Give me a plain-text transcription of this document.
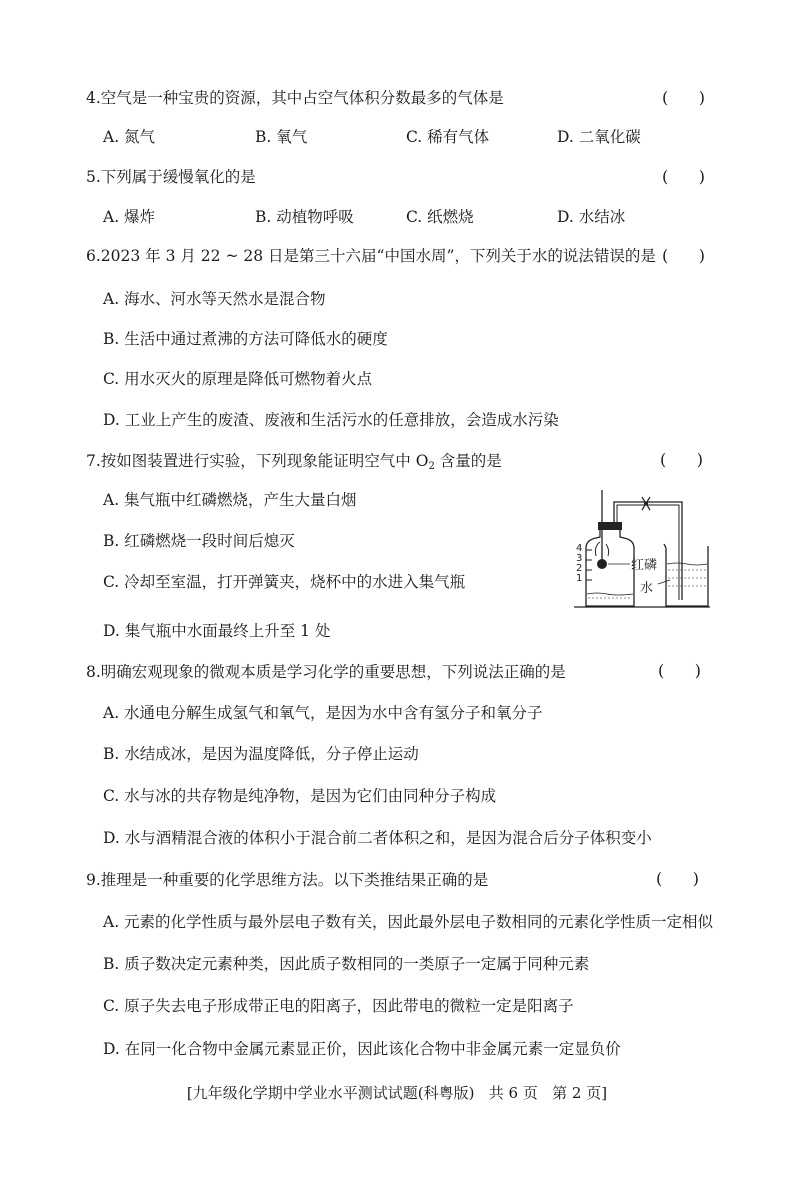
4.空气是一种宝贵的资源，其中占空气体积分数最多的气体是	(      )
A. 氮气	B. 氧气	C. 稀有气体	D. 二氧化碳
5.下列属于缓慢氧化的是	(      )
A. 爆炸	B. 动植物呼吸	C. 纸燃烧	D. 水结冰
6.2023 年 3 月 22 ~ 28 日是第三十六届“中国水周”，下列关于水的说法错误的是 (      )
A. 海水、河水等天然水是混合物
B. 生活中通过煮沸的方法可降低水的硬度
C. 用水灭火的原理是降低可燃物着火点
D. 工业上产生的废渣、废液和生活污水的任意排放，会造成水污染
7.按如图装置进行实验，下列现象能证明空气中 $O_2$ 含量的是	(      )
A. 集气瓶中红磷燃烧，产生大量白烟
B. 红磷燃烧一段时间后熄灭
C. 冷却至室温，打开弹簧夹，烧杯中的水进入集气瓶
D. 集气瓶中水面最终上升至 1 处
4
3
2
1
红磷
水
8.明确宏观现象的微观本质是学习化学的重要思想，下列说法正确的是	(      )
A. 水通电分解生成氢气和氧气，是因为水中含有氢分子和氧分子
B. 水结成冰，是因为温度降低，分子停止运动
C. 水与冰的共存物是纯净物，是因为它们由同种分子构成
D. 水与酒精混合液的体积小于混合前二者体积之和，是因为混合后分子体积变小
9.推理是一种重要的化学思维方法。以下类推结果正确的是	(      )
A. 元素的化学性质与最外层电子数有关，因此最外层电子数相同的元素化学性质一定相似
B. 质子数决定元素种类，因此质子数相同的一类原子一定属于同种元素
C. 原子失去电子形成带正电的阳离子，因此带电的微粒一定是阳离子
D. 在同一化合物中金属元素显正价，因此该化合物中非金属元素一定显负价
[九年级化学期中学业水平测试试题(科粤版)   共 6 页   第 2 页]
